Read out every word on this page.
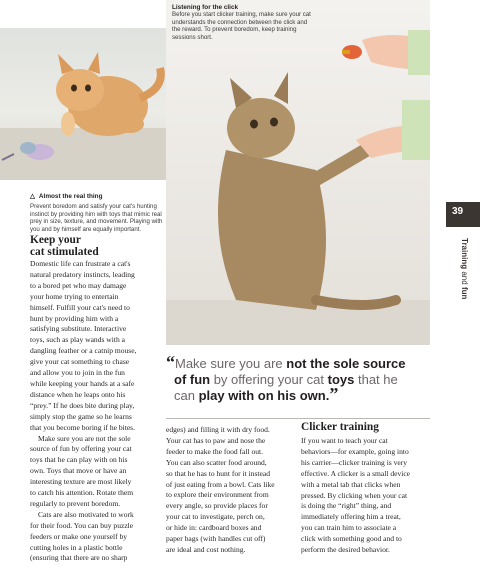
△ Almost the real thing
Prevent boredom and satisfy your cat's hunting instinct by providing him with toys that mimic real prey in size, texture, and movement. Playing with you and by himself are equally important.
Listening for the click
Before you start clicker training, make sure your cat understands the connection between the click and the reward. To prevent boredom, keep training sessions short.
Keep your
cat stimulated

Domestic life can frustrate a cat's

natural predatory instincts, leading

to a bored pet who may damage

your home trying to entertain

himself. Fulfill your cat's need to

hunt by providing him with a

satisfying substitute. Interactive

toys, such as play wands with a

dangling feather or a catnip mouse,

give your cat something to chase

and allow you to join in the fun

while keeping your hands at a safe

distance when he leaps onto his

“prey.” If he does bite during play,

simply stop the game so he learns

that you become boring if he bites.

Make sure you are not the sole

source of fun by offering your cat

toys that he can play with on his

own. Toys that move or have an

interesting texture are most likely

to catch his attention. Rotate them

regularly to prevent boredom.

Cats are also motivated to work

for their food. You can buy puzzle

feeders or make one yourself by

cutting holes in a plastic bottle

(ensuring that there are no sharp

“Make sure you are not the sole source
of fun by offering your cat toys that he
can play with on his own.”

edges) and filling it with dry food.

Your cat has to paw and nose the

feeder to make the food fall out.

You can also scatter food around,

so that he has to hunt for it instead

of just eating from a bowl. Cats like

to explore their environment from

every angle, so provide places for

your cat to investigate, perch on,

or hide in: cardboard boxes and

paper bags (with handles cut off)

are ideal and cost nothing.

Clicker training

If you want to teach your cat

behaviors—for example, going into

his carrier—clicker training is very

effective. A clicker is a small device

with a metal tab that clicks when

pressed. By clicking when your cat

is doing the “right” thing, and

immediately offering him a treat,

you can train him to associate a

click with something good and to

perform the desired behavior.

39
Training and fun
